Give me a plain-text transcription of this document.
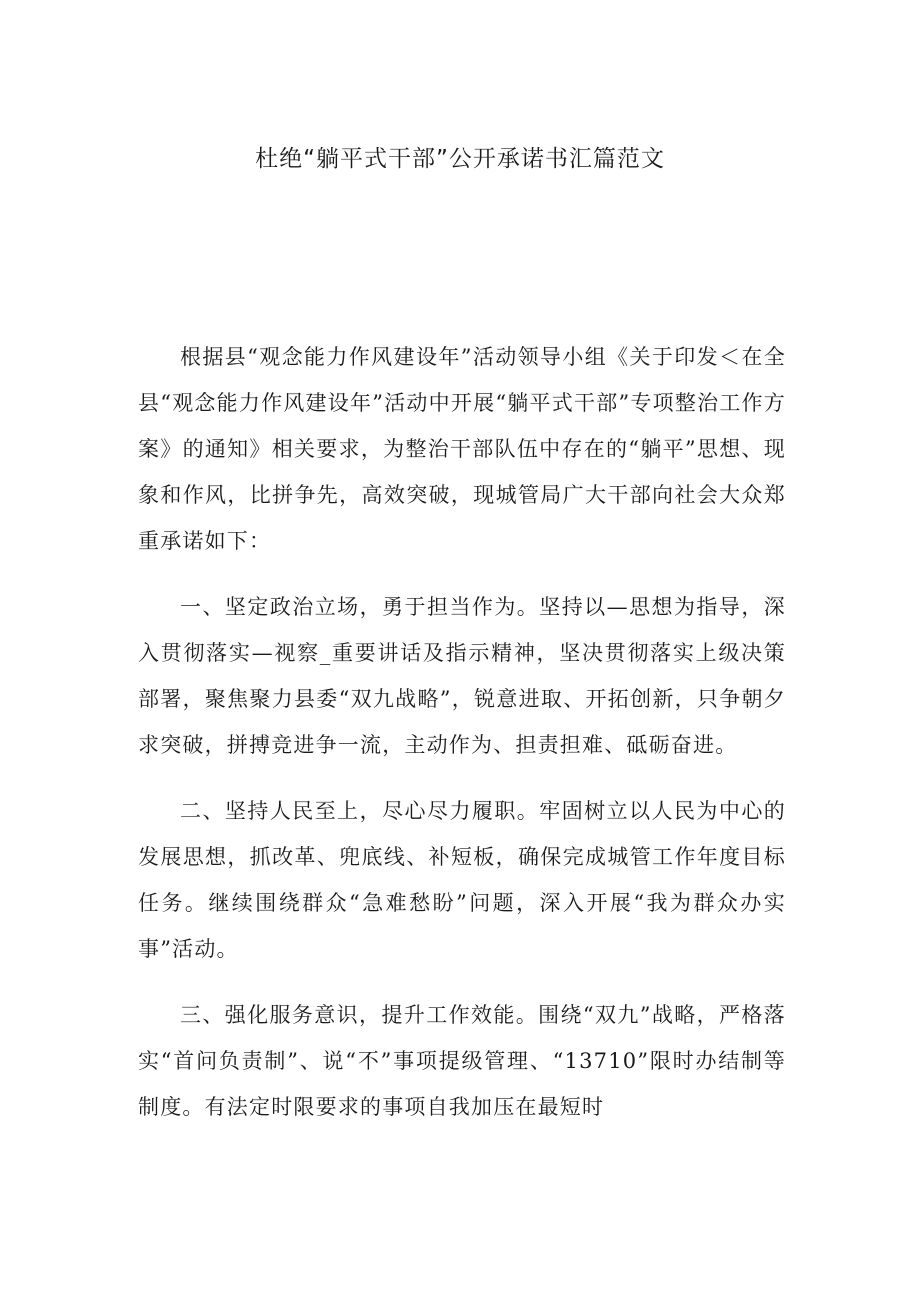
杜绝“躺平式干部”公开承诺书汇篇范文

根据县“观念能力作风建设年”活动领导小组《关于印发＜在全县“观念能力作风建设年”活动中开展“躺平式干部”专项整治工作方案》的通知》相关要求，为整治干部队伍中存在的“躺平”思想、现象和作风，比拼争先，高效突破，现城管局广大干部向社会大众郑重承诺如下：

一、坚定政治立场，勇于担当作为。坚持以—思想为指导，深入贯彻落实—视察_重要讲话及指示精神，坚决贯彻落实上级决策部署，聚焦聚力县委“双九战略”，锐意进取、开拓创新，只争朝夕求突破，拼搏竞进争一流，主动作为、担责担难、砥砺奋进。

二、坚持人民至上，尽心尽力履职。牢固树立以人民为中心的发展思想，抓改革、兜底线、补短板，确保完成城管工作年度目标任务。继续围绕群众“急难愁盼”问题，深入开展“我为群众办实事”活动。

三、强化服务意识，提升工作效能。围绕“双九”战略，严格落实“首问负责制”、说“不”事项提级管理、“13710”限时办结制等制度。有法定时限要求的事项自我加压在最短时
